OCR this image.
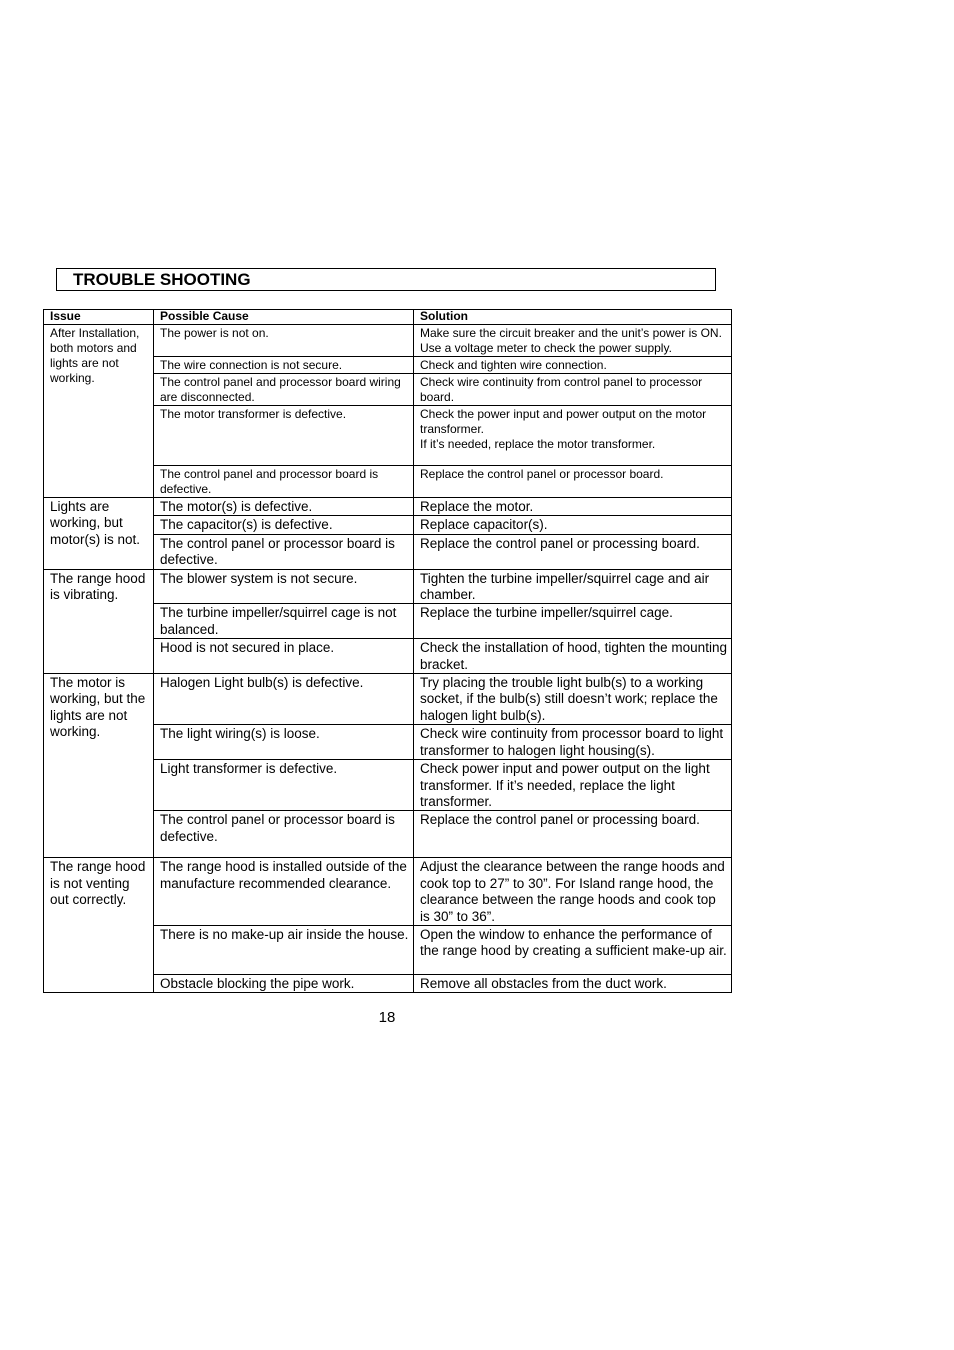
TROUBLE SHOOTING
Issue	Possible Cause	Solution
After Installation, both motors and lights are not working.	The power is not on.	Make sure the circuit breaker and the unit’s power is ON. Use a voltage meter to check the power supply.
	The wire connection is not secure.	Check and tighten wire connection.
	The control panel and processor board wiring are disconnected.	Check wire continuity from control panel to processor board.
	The motor transformer is defective.	Check the power input and power output on the motor transformer.
If it’s needed, replace the motor transformer.

	The control panel and processor board is defective.	Replace the control panel or processor board.
Lights are working, but motor(s) is not.	The motor(s) is defective.	Replace the motor.
	The capacitor(s) is defective.	Replace capacitor(s).
	The control panel or processor board is defective.	Replace the control panel or processing board.
The range hood is vibrating.	The blower system is not secure.	Tighten the turbine impeller/squirrel cage and air chamber.
	The turbine impeller/squirrel cage is not balanced.	Replace the turbine impeller/squirrel cage.
	Hood is not secured in place.	Check the installation of hood, tighten the mounting bracket.
The motor is working, but the lights are not working.	Halogen Light bulb(s) is defective.	Try placing the trouble light bulb(s) to a working socket, if the bulb(s) still doesn’t work; replace the halogen light bulb(s).
	The light wiring(s) is loose.	Check wire continuity from processor board to light transformer to halogen light housing(s).
	Light transformer is defective.	Check power input and power output on the light transformer. If it’s needed, replace the light transformer.
	The control panel or processor board is defective.	Replace the control panel or processing board.
The range hood is not venting out correctly.	The range hood is installed outside of the manufacture recommended clearance.	Adjust the clearance between the range hoods and cook top to 27” to 30”. For Island range hood, the clearance between the range hoods and cook top is 30” to 36”.
	There is no make-up air inside the house.	Open the window to enhance the performance of the range hood by creating a sufficient make-up air.
	Obstacle blocking the pipe work.	Remove all obstacles from the duct work.
18
